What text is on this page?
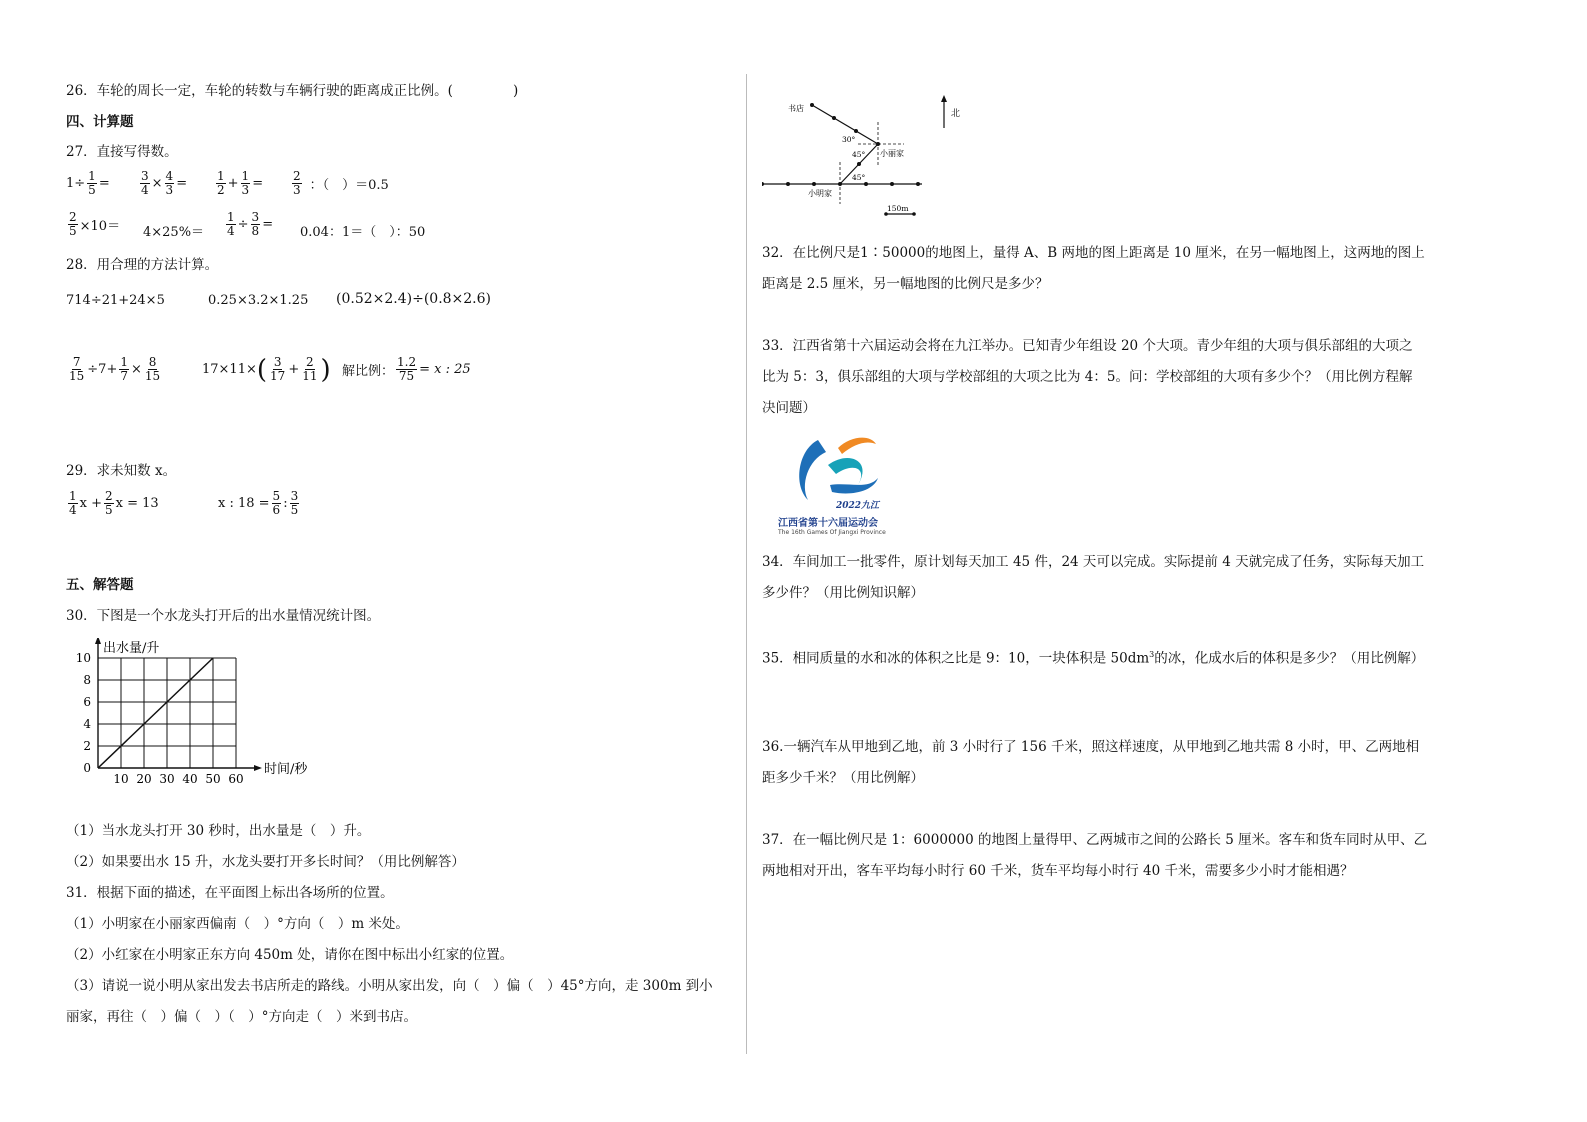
26．车轮的周长一定，车轮的转数与车辆行驶的距离成正比例。(	)
四、计算题
27．直接写得数。
$1\div \frac{1}{5}$ =	$\frac{3}{4} \times \frac{4}{3} = \frac{1}{2} + \frac{1}{3} = \frac{2}{3}$ ：（　）＝0.5
$\frac{2}{5} \times 10= 4\times 25\%= \frac{1}{4} \div \frac{3}{8}$ =
0.04：1＝（　）：50
28．用合理的方法计算。
714÷21+24×5	0.25×3.2×1.25 (0.52×2.4)÷(0.8×2.6)
$\frac{7}{15} \div 7+ \frac{1}{7} \times \frac{8}{15}$	17×11× ( $\frac{3}{17} + \frac{2}{11}$ ) 解比例： $\frac{1.2}{75} = x$ : 25
29．求未知数 x。
$\frac{1}{4}$ $x + \frac{2}{5}$ x = 13	x : $18 = \frac{5}{6}$ : $\frac{3}{5}$
五、解答题
30．下图是一个水龙头打开后的出水量情况统计图。
10 20 30 40 50 60
0
2
4
6
8
10
出水量/升
时间/秒
（1）当水龙头打开 30 秒时，出水量是（　）升。
（2）如果要出水 15 升，水龙头要打开多长时间？（用比例解答）
31．根据下面的描述，在平面图上标出各场所的位置。
（1）小明家在小丽家西偏南（　）°方向（　）m 米处。
（2）小红家在小明家正东方向 450m 处，请你在图中标出小红家的位置。
（3）请说一说小明从家出发去书店所走的路线。小明从家出发，向（　）偏（　）45°方向，走 300m 到小
丽家，再往（　）偏（　）（　）°方向走（　）米到书店。
北
书店
小丽家
小明家
30°
45°
45°
150m
32．在比例尺是1∶50000的地图上，量得 A、B 两地的图上距离是 10 厘米，在另一幅地图上，这两地的图上
距离是 2.5 厘米，另一幅地图的比例尺是多少？
33．江西省第十六届运动会将在九江举办。已知青少年组设 20 个大项。青少年组的大项与俱乐部组的大项之
比为 5：3，俱乐部组的大项与学校部组的大项之比为 4：5。问：学校部组的大项有多少个？（用比例方程解
决问题）
2022九江
江西省第十六届运动会
The 16th Games Of Jiangxi Province
34．车间加工一批零件，原计划每天加工 45 件，24 天可以完成。实际提前 4 天就完成了任务，实际每天加工
多少件？（用比例知识解）
35．相同质量的水和冰的体积之比是 9：10，一块体积是 $50dm^3$的冰，化成水后的体积是多少？（用比例解）
36.一辆汽车从甲地到乙地，前 3 小时行了 156 千米，照这样速度，从甲地到乙地共需 8 小时，甲、乙两地相
距多少千米？（用比例解）
37．在一幅比例尺是 1：6000000 的地图上量得甲、乙两城市之间的公路长 5 厘米。客车和货车同时从甲、乙
两地相对开出，客车平均每小时行 60 千米，货车平均每小时行 40 千米，需要多少小时才能相遇？
